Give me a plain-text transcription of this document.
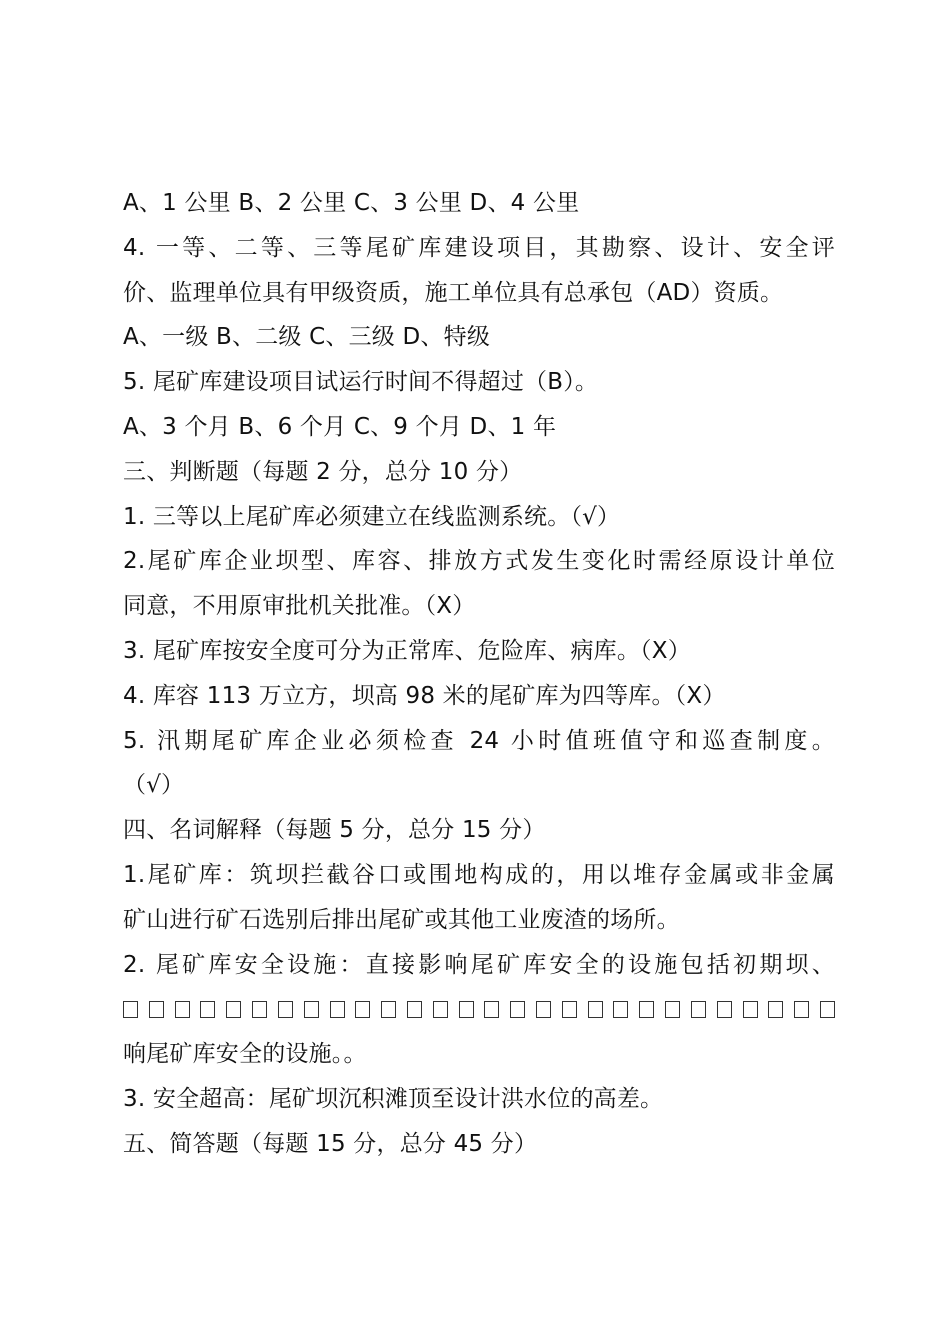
A、1 公里 B、2 公里 C、3 公里 D、4 公里
4. 一等、二等、三等尾矿库建设项目，其勘察、设计、安全评
价、监理单位具有甲级资质，施工单位具有总承包（AD）资质。
A、一级 B、二级 C、三级 D、特级
5. 尾矿库建设项目试运行时间不得超过（B）。
A、3 个月 B、6 个月 C、9 个月 D、1 年
三、判断题（每题 2 分，总分 10 分）
1. 三等以上尾矿库必须建立在线监测系统。（√）
2.尾矿库企业坝型、库容、排放方式发生变化时需经原设计单位
同意，不用原审批机关批准。（X）
3. 尾矿库按安全度可分为正常库、危险库、病库。（X）
4. 库容 113 万立方，坝高 98 米的尾矿库为四等库。（X）
5. 汛期尾矿库企业必须检查 24 小时值班值守和巡查制度。
（√）
四、名词解释（每题 5 分，总分 15 分）
1.尾矿库：筑坝拦截谷口或围地构成的，用以堆存金属或非金属
矿山进行矿石选别后排出尾矿或其他工业废渣的场所。
2. 尾矿库安全设施：直接影响尾矿库安全的设施包括初期坝、
响尾矿库安全的设施。。
3. 安全超高：尾矿坝沉积滩顶至设计洪水位的高差。
五、简答题（每题 15 分，总分 45 分）
